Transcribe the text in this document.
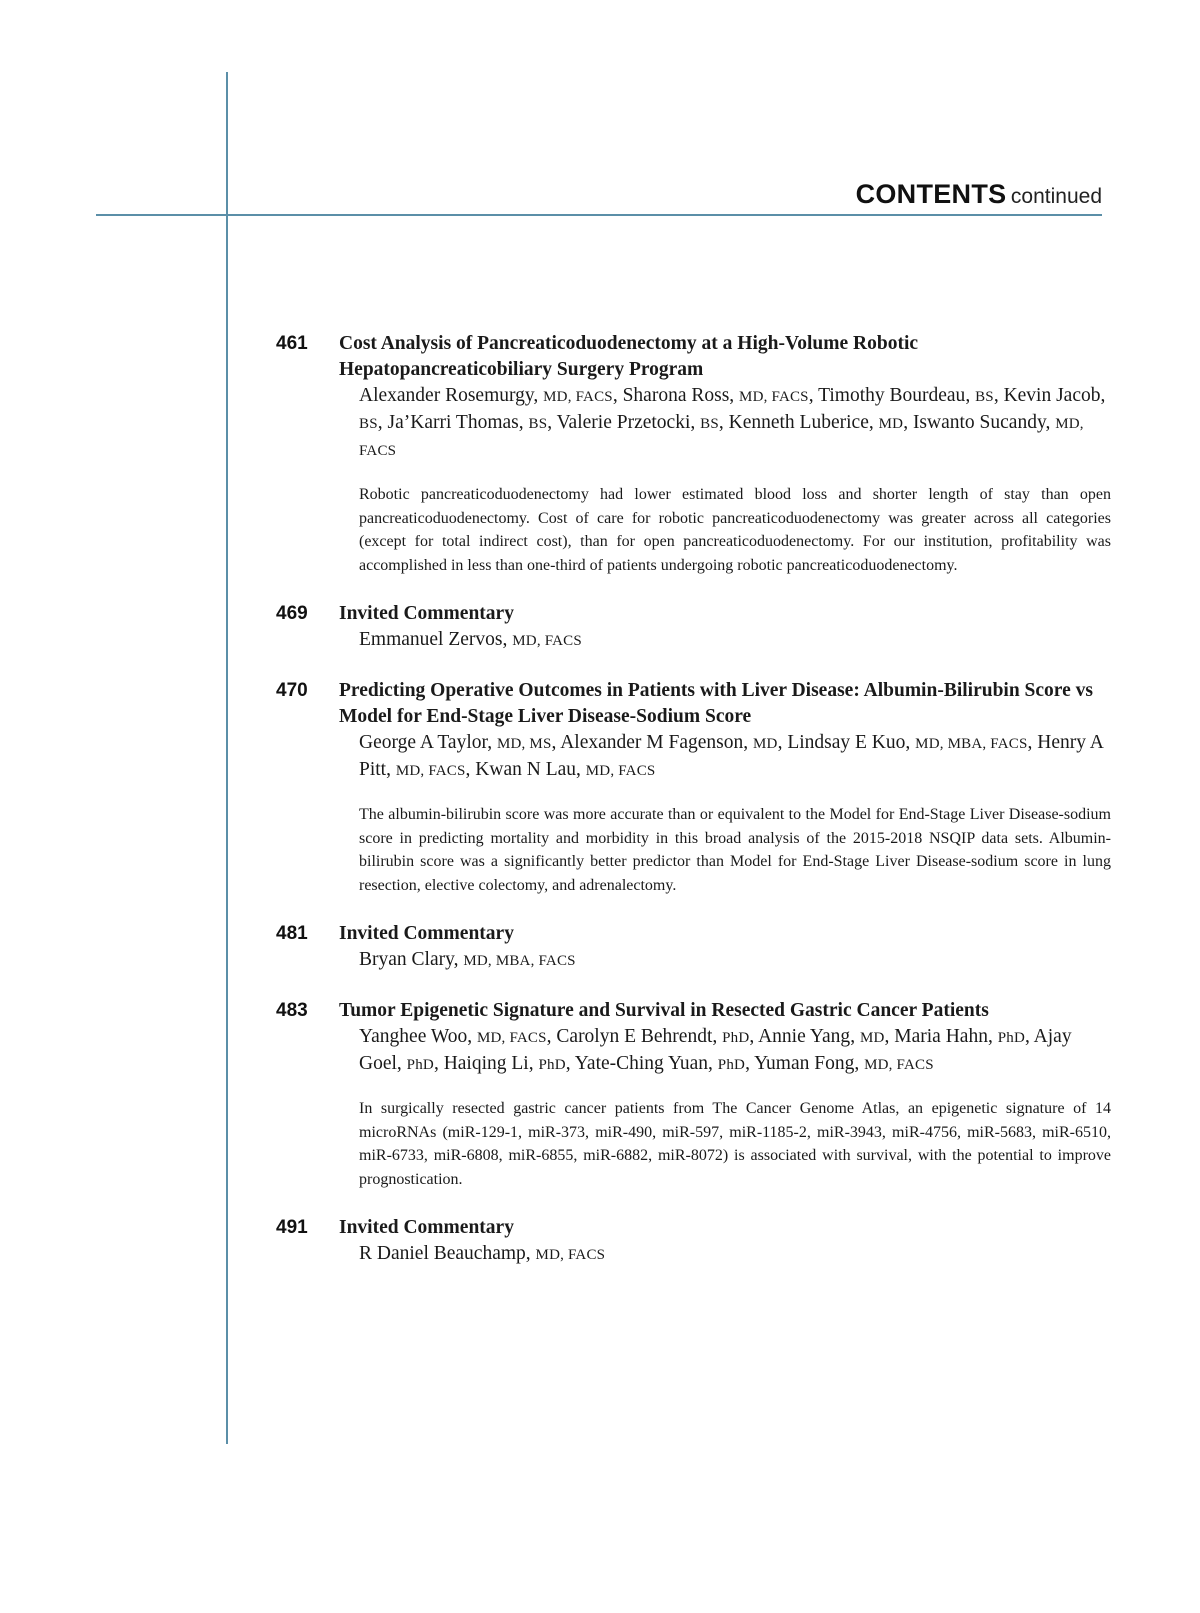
CONTENTS continued
461 Cost Analysis of Pancreaticoduodenectomy at a High-Volume Robotic Hepatopancreaticobiliary Surgery Program
Alexander Rosemurgy, MD, FACS, Sharona Ross, MD, FACS, Timothy Bourdeau, BS, Kevin Jacob, BS, Ja’Karri Thomas, BS, Valerie Przetocki, BS, Kenneth Luberice, MD, Iswanto Sucandy, MD, FACS
Robotic pancreaticoduodenectomy had lower estimated blood loss and shorter length of stay than open pancreaticoduodenectomy. Cost of care for robotic pancreaticoduodenectomy was greater across all categories (except for total indirect cost), than for open pancreaticoduodenectomy. For our institution, profitability was accomplished in less than one-third of patients undergoing robotic pancreaticoduodenectomy.
469 Invited Commentary
Emmanuel Zervos, MD, FACS
470 Predicting Operative Outcomes in Patients with Liver Disease: Albumin-Bilirubin Score vs Model for End-Stage Liver Disease-Sodium Score
George A Taylor, MD, MS, Alexander M Fagenson, MD, Lindsay E Kuo, MD, MBA, FACS, Henry A Pitt, MD, FACS, Kwan N Lau, MD, FACS
The albumin-bilirubin score was more accurate than or equivalent to the Model for End-Stage Liver Disease-sodium score in predicting mortality and morbidity in this broad analysis of the 2015-2018 NSQIP data sets. Albumin-bilirubin score was a significantly better predictor than Model for End-Stage Liver Disease-sodium score in lung resection, elective colectomy, and adrenalectomy.
481 Invited Commentary
Bryan Clary, MD, MBA, FACS
483 Tumor Epigenetic Signature and Survival in Resected Gastric Cancer Patients
Yanghee Woo, MD, FACS, Carolyn E Behrendt, PhD, Annie Yang, MD, Maria Hahn, PhD, Ajay Goel, PhD, Haiqing Li, PhD, Yate-Ching Yuan, PhD, Yuman Fong, MD, FACS
In surgically resected gastric cancer patients from The Cancer Genome Atlas, an epigenetic signature of 14 microRNAs (miR-129-1, miR-373, miR-490, miR-597, miR-1185-2, miR-3943, miR-4756, miR-5683, miR-6510, miR-6733, miR-6808, miR-6855, miR-6882, miR-8072) is associated with survival, with the potential to improve prognostication.
491 Invited Commentary
R Daniel Beauchamp, MD, FACS
